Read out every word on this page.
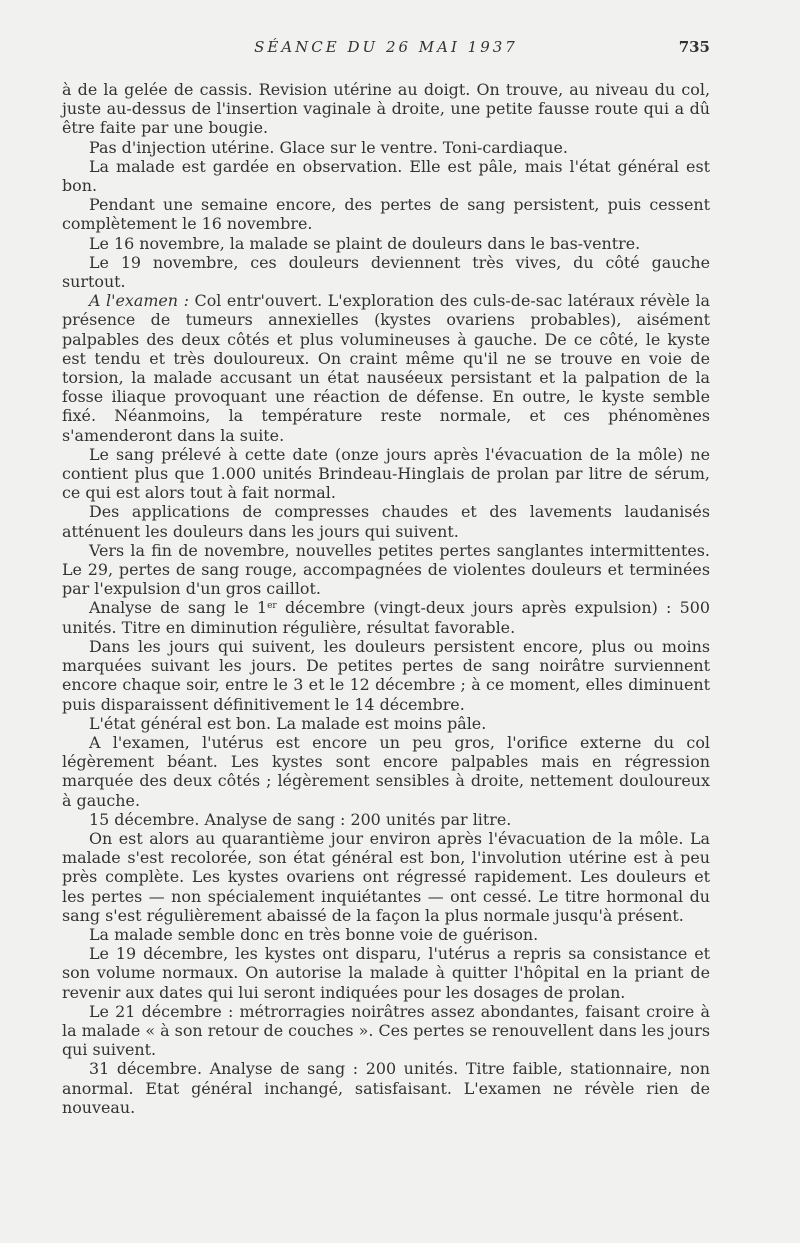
SÉANCE DU 26 MAI 1937	735

à de la gelée de cassis. Revision utérine au doigt. On trouve, au niveau du col, juste au-dessus de l'insertion vaginale à droite, une petite fausse route qui a dû être faite par une bougie.

Pas d'injection utérine. Glace sur le ventre. Toni-cardiaque.

La malade est gardée en observation. Elle est pâle, mais l'état général est bon.

Pendant une semaine encore, des pertes de sang persistent, puis cessent complètement le 16 novembre.

Le 16 novembre, la malade se plaint de douleurs dans le bas-ventre.

Le 19 novembre, ces douleurs deviennent très vives, du côté gauche surtout.

A l'examen : Col entr'ouvert. L'exploration des culs-de-sac latéraux révèle la présence de tumeurs annexielles (kystes ovariens probables), aisément palpables des deux côtés et plus volumineuses à gauche. De ce côté, le kyste est tendu et très douloureux. On craint même qu'il ne se trouve en voie de torsion, la malade accusant un état nauséeux persistant et la palpation de la fosse iliaque provoquant une réaction de défense. En outre, le kyste semble fixé. Néanmoins, la température reste normale, et ces phénomènes s'amenderont dans la suite.

Le sang prélevé à cette date (onze jours après l'évacuation de la môle) ne contient plus que 1.000 unités Brindeau-Hinglais de prolan par litre de sérum, ce qui est alors tout à fait normal.

Des applications de compresses chaudes et des lavements laudanisés atténuent les douleurs dans les jours qui suivent.

Vers la fin de novembre, nouvelles petites pertes sanglantes intermittentes. Le 29, pertes de sang rouge, accompagnées de violentes douleurs et terminées par l'expulsion d'un gros caillot.

Analyse de sang le 1er décembre (vingt-deux jours après expulsion) : 500 unités. Titre en diminution régulière, résultat favorable.

Dans les jours qui suivent, les douleurs persistent encore, plus ou moins marquées suivant les jours. De petites pertes de sang noirâtre surviennent encore chaque soir, entre le 3 et le 12 décembre ; à ce moment, elles diminuent puis disparaissent définitivement le 14 décembre.

L'état général est bon. La malade est moins pâle.

A l'examen, l'utérus est encore un peu gros, l'orifice externe du col légèrement béant. Les kystes sont encore palpables mais en régression marquée des deux côtés ; légèrement sensibles à droite, nettement douloureux à gauche.

15 décembre. Analyse de sang : 200 unités par litre.

On est alors au quarantième jour environ après l'évacuation de la môle. La malade s'est recolorée, son état général est bon, l'involution utérine est à peu près complète. Les kystes ovariens ont régressé rapidement. Les douleurs et les pertes — non spécialement inquiétantes — ont cessé. Le titre hormonal du sang s'est régulièrement abaissé de la façon la plus normale jusqu'à présent.

La malade semble donc en très bonne voie de guérison.

Le 19 décembre, les kystes ont disparu, l'utérus a repris sa consistance et son volume normaux. On autorise la malade à quitter l'hôpital en la priant de revenir aux dates qui lui seront indiquées pour les dosages de prolan.

Le 21 décembre : métrorragies noirâtres assez abondantes, faisant croire à la malade « à son retour de couches ». Ces pertes se renouvellent dans les jours qui suivent.

31 décembre. Analyse de sang : 200 unités. Titre faible, stationnaire, non anormal. Etat général inchangé, satisfaisant. L'examen ne révèle rien de nouveau.
